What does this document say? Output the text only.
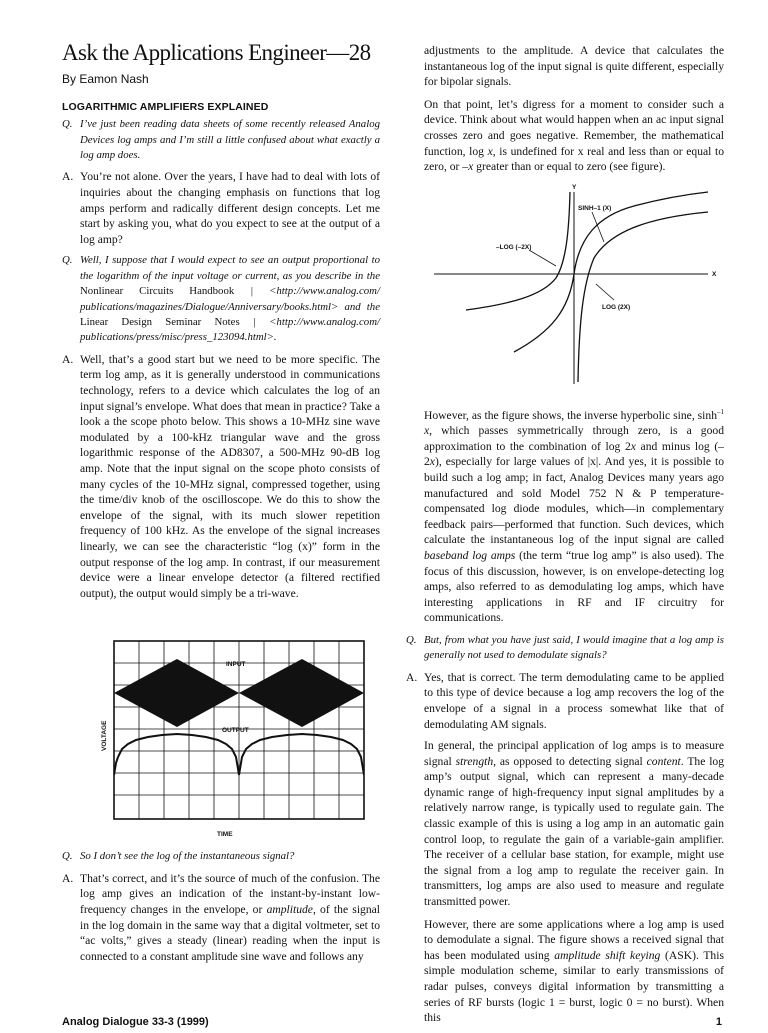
Ask the Applications Engineer—28
By Eamon Nash
LOGARITHMIC AMPLIFIERS EXPLAINED
Q. I’ve just been reading data sheets of some recently released Analog Devices log amps and I’m still a little confused about what exactly a log amp does.
A. You’re not alone. Over the years, I have had to deal with lots of inquiries about the changing emphasis on functions that log amps perform and radically different design concepts. Let me start by asking you, what do you expect to see at the output of a log amp?
Q. Well, I suppose that I would expect to see an output proportional to the logarithm of the input voltage or current, as you describe in the Nonlinear Circuits Handbook | <http://www.analog.com/ publications/magazines/Dialogue/Anniversary/books.html> and the Linear Design Seminar Notes | <http://www.analog.com/ publications/press/misc/press_123094.html>.
A. Well, that’s a good start but we need to be more specific. The term log amp, as it is generally understood in communications technology, refers to a device which calculates the log of an input signal’s envelope. What does that mean in practice? Take a look a the scope photo below. This shows a 10-MHz sine wave modulated by a 100-kHz triangular wave and the gross logarithmic response of the AD8307, a 500-MHz 90-dB log amp. Note that the input signal on the scope photo consists of many cycles of the 10-MHz signal, compressed together, using the time/div knob of the oscilloscope. We do this to show the envelope of the signal, with its much slower repetition frequency of 100 kHz. As the envelope of the signal increases linearly, we can see the characteristic “log (x)” form in the output response of the log amp. In contrast, if our measurement device were a linear envelope detector (a filtered rectified output), the output would simply be a tri-wave.
INPUT
OUTPUT
VOLTAGE
TIME
Q. So I don’t see the log of the instantaneous signal?
A. That’s correct, and it’s the source of much of the confusion. The log amp gives an indication of the instant-by-instant low-frequency changes in the envelope, or amplitude, of the signal in the log domain in the same way that a digital voltmeter, set to “ac volts,” gives a steady (linear) reading when the input is connected to a constant amplitude sine wave and follows any

adjustments to the amplitude. A device that calculates the instantaneous log of the input signal is quite different, especially for bipolar signals.

On that point, let’s digress for a moment to consider such a device. Think about what would happen when an ac input signal crosses zero and goes negative. Remember, the mathematical function, log x, is undefined for x real and less than or equal to zero, or –x greater than or equal to zero (see figure).

Y
X
SINH–1 (X)
–LOG (–2X)
LOG (2X)

However, as the figure shows, the inverse hyperbolic sine, $\sinh^{-1} x$, which passes symmetrically through zero, is a good approximation to the combination of log 2x and minus log (–2x), especially for large values of |x|. And yes, it is possible to build such a log amp; in fact, Analog Devices many years ago manufactured and sold Model 752 N & P temperature-compensated log diode modules, which—in complementary feedback pairs—performed that function. Such devices, which calculate the instantaneous log of the input signal are called baseband log amps (the term “true log amp” is also used). The focus of this discussion, however, is on envelope-detecting log amps, also referred to as demodulating log amps, which have interesting applications in RF and IF circuitry for communications.

Q. But, from what you have just said, I would imagine that a log amp is generally not used to demodulate signals?
A. Yes, that is correct. The term demodulating came to be applied to this type of device because a log amp recovers the log of the envelope of a signal in a process somewhat like that of demodulating AM signals.

In general, the principal application of log amps is to measure signal strength, as opposed to detecting signal content. The log amp’s output signal, which can represent a many-decade dynamic range of high-frequency input signal amplitudes by a relatively narrow range, is typically used to regulate gain. The classic example of this is using a log amp in an automatic gain control loop, to regulate the gain of a variable-gain amplifier. The receiver of a cellular base station, for example, might use the signal from a log amp to regulate the receiver gain. In transmitters, log amps are also used to measure and regulate transmitted power.

However, there are some applications where a log amp is used to demodulate a signal. The figure shows a received signal that has been modulated using amplitude shift keying (ASK). This simple modulation scheme, similar to early transmissions of radar pulses, conveys digital information by transmitting a series of RF bursts (logic 1 = burst, logic 0 = no burst). When this

Analog Dialogue 33-3 (1999)	1
